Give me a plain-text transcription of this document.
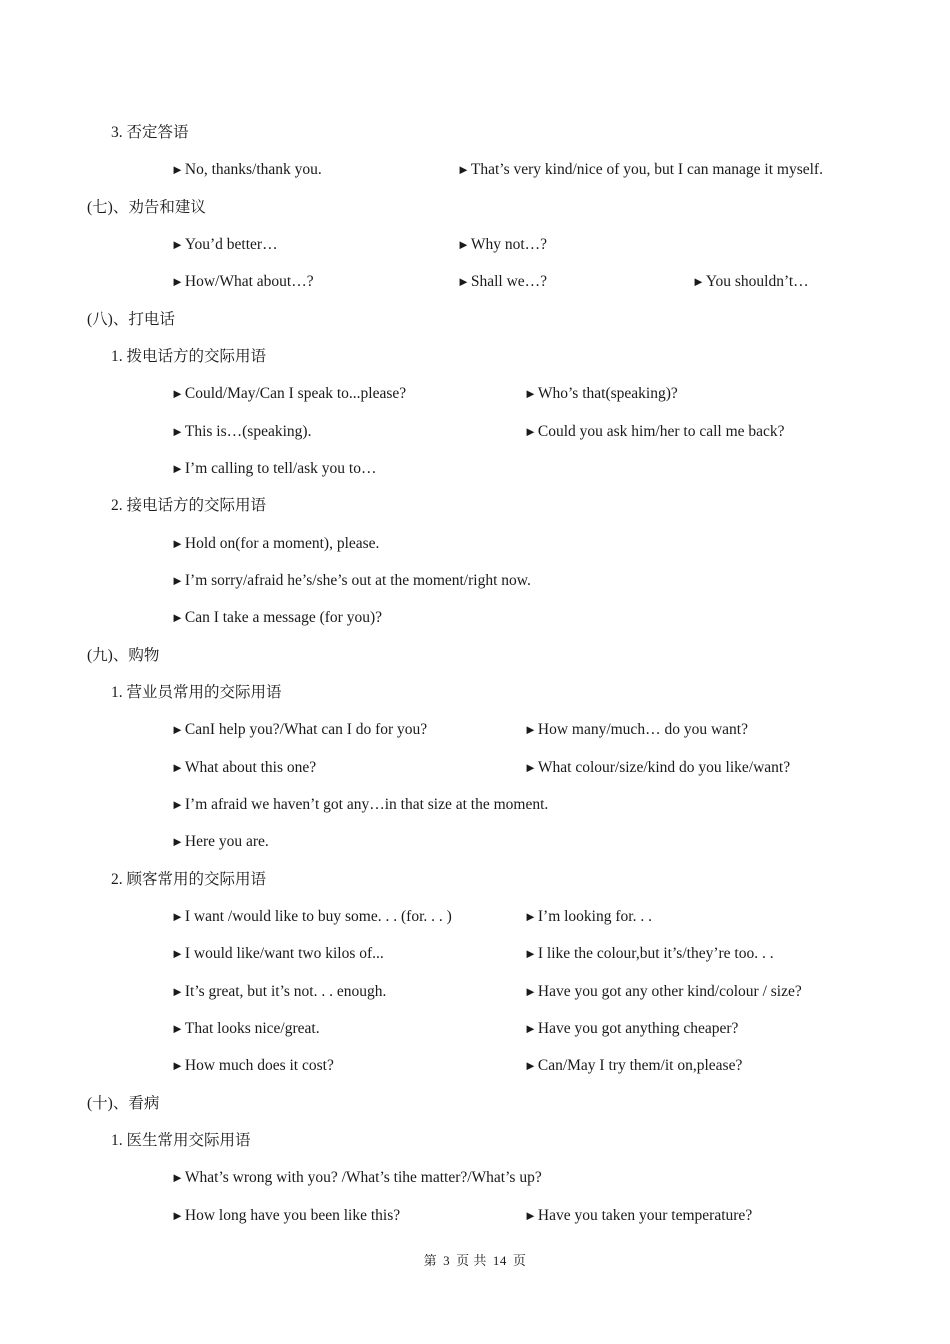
3. 否定答语
►No, thanks/thank you.	►That’s very kind/nice of you, but I can manage it myself.
(七)、劝告和建议
►You’d better…	►Why not…?
►How/What about…?	►Shall we…?	►You shouldn’t…
(八)、打电话
1. 拨电话方的交际用语
►Could/May/Can I speak to...please?	►Who’s that(speaking)?
►This is…(speaking).	►Could you ask him/her to call me back?
►I’m calling to tell/ask you to…
2. 接电话方的交际用语
►Hold on(for a moment), please.
►I’m sorry/afraid he’s/she’s out at the moment/right now.
►Can I take a message (for you)?
(九)、购物
1. 营业员常用的交际用语
►CanI help you?/What can I do for you?	►How many/much… do you want?
►What about this one?	►What colour/size/kind do you like/want?
►I’m afraid we haven’t got any…in that size at the moment.
►Here you are.
2. 顾客常用的交际用语
►I want /would like to buy some. . . (for. . . )	►I’m looking for. . .
►I would like/want two kilos of...	►I like the colour,but it’s/they’re too. . .
►It’s great, but it’s not. . . enough.	►Have you got any other kind/colour / size?
►That looks nice/great.	►Have you got anything cheaper?
►How much does it cost?	►Can/May I try them/it on,please?
(十)、看病
1. 医生常用交际用语
►What’s wrong with you? /What’s tihe matter?/What’s up?
►How long have you been like this?	►Have you taken your temperature?
第 3 页 共 14 页
